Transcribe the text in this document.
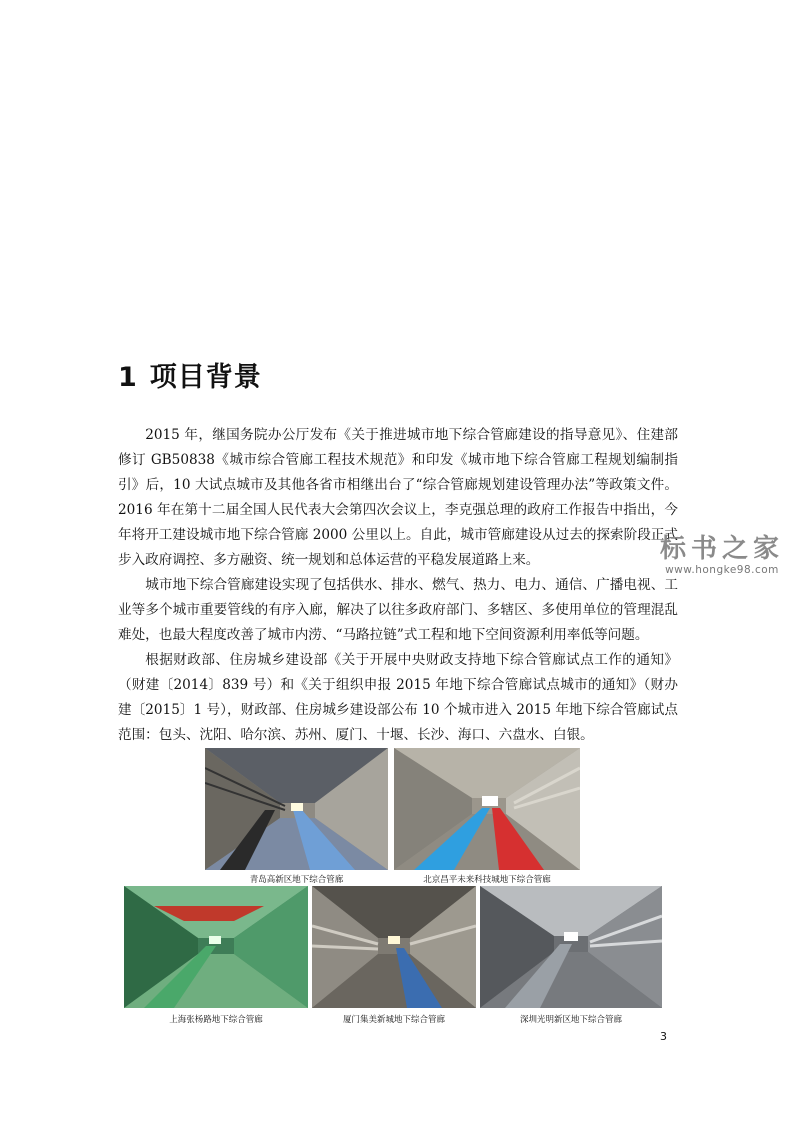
1 项目背景

2015 年，继国务院办公厅发布《关于推进城市地下综合管廊建设的指导意见》、住建部修订 GB50838《城市综合管廊工程技术规范》和印发《城市地下综合管廊工程规划编制指引》后，10 大试点城市及其他各省市相继出台了“综合管廊规划建设管理办法”等政策文件。2016 年在第十二届全国人民代表大会第四次会议上，李克强总理的政府工作报告中指出，今年将开工建设城市地下综合管廊 2000 公里以上。自此，城市管廊建设从过去的探索阶段正式步入政府调控、多方融资、统一规划和总体运营的平稳发展道路上来。

城市地下综合管廊建设实现了包括供水、排水、燃气、热力、电力、通信、广播电视、工业等多个城市重要管线的有序入廊，解决了以往多政府部门、多辖区、多使用单位的管理混乱难处，也最大程度改善了城市内涝、“马路拉链”式工程和地下空间资源利用率低等问题。

根据财政部、住房城乡建设部《关于开展中央财政支持地下综合管廊试点工作的通知》（财建〔2014〕839 号）和《关于组织申报 2015 年地下综合管廊试点城市的通知》（财办建〔2015〕1 号），财政部、住房城乡建设部公布 10 个城市进入 2015 年地下综合管廊试点范围：包头、沈阳、哈尔滨、苏州、厦门、十堰、长沙、海口、六盘水、白银。

标书之家
www.hongke98.com
青岛高新区地下综合管廊	北京昌平未来科技城地下综合管廊
上海张杨路地下综合管廊	厦门集美新城地下综合管廊	深圳光明新区地下综合管廊
3
